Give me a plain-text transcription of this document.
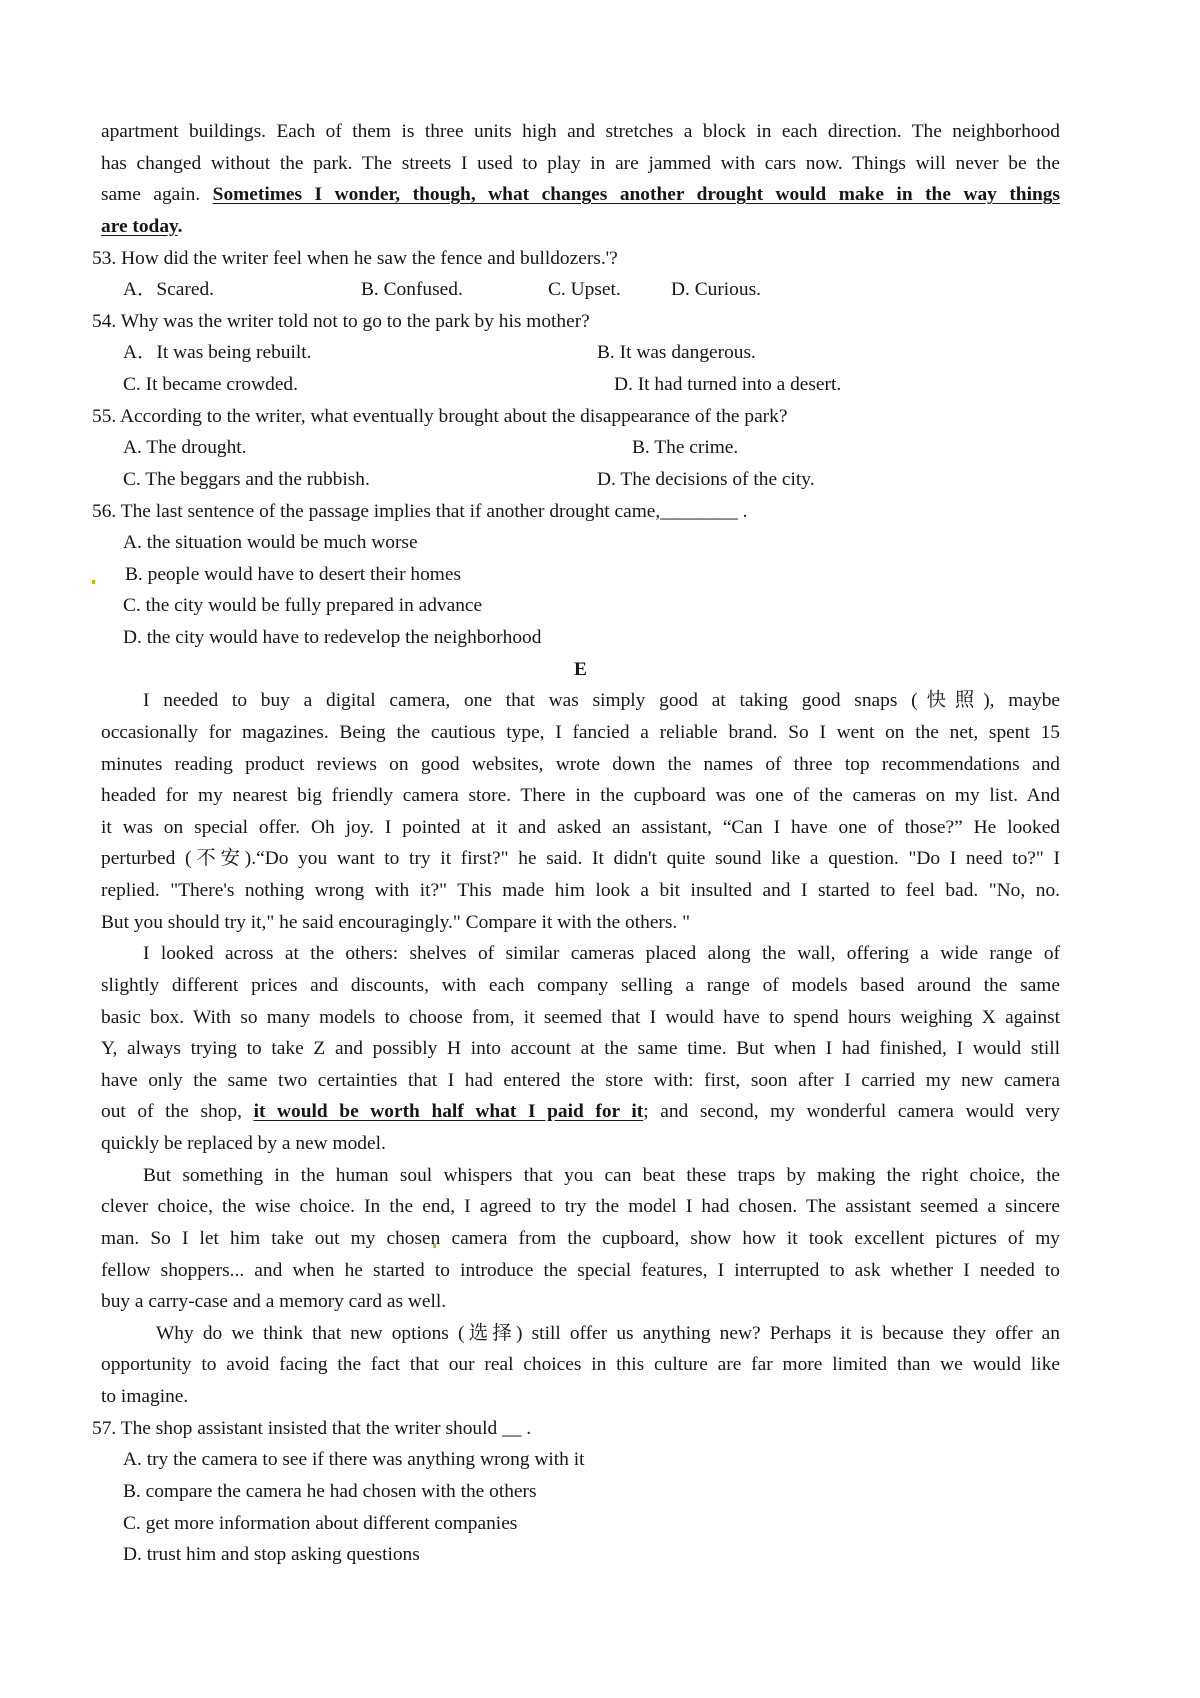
apartment buildings. Each of them is three units high and stretches a block in each direction. The neighborhood
has changed without the park. The streets I used to play in are jammed with cars now. Things will never be the
same again. Sometimes I wonder, though, what changes another drought would make in the way things
are today.
53. How did the writer feel when he saw the fence and bulldozers.'?
A．Scared.	B. Confused.	C. Upset.	D. Curious.
54. Why was the writer told not to go to the park by his mother?
A．It was being rebuilt.	B. It was dangerous.
C. It became crowded.	D. It had turned into a desert.
55. According to the writer, what eventually brought about the disappearance of the park?
A. The drought.	B. The crime.
C. The beggars and the rubbish.	D. The decisions of the city.
56. The last sentence of the passage implies that if another drought came,________ .
A. the situation would be much worse
B. people would have to desert their homes
C. the city would be fully prepared in advance
D. the city would have to redevelop the neighborhood
E
I needed to buy a digital camera, one that was simply good at taking good snaps (快照), maybe
occasionally for magazines. Being the cautious type, I fancied a reliable brand. So I went on the net, spent 15
minutes reading product reviews on good websites, wrote down the names of three top recommendations and
headed for my nearest big friendly camera store. There in the cupboard was one of the cameras on my list. And
it was on special offer. Oh joy. I pointed at it and asked an assistant, “Can I have one of those?” He looked
perturbed (不安).“Do you want to try it first?" he said. It didn't quite sound like a question. "Do I need to?" I
replied. "There's nothing wrong with it?" This made him look a bit insulted and I started to feel bad. "No, no.
But you should try it," he said encouragingly." Compare it with the others. "
I looked across at the others: shelves of similar cameras placed along the wall, offering a wide range of
slightly different prices and discounts, with each company selling a range of models based around the same
basic box. With so many models to choose from, it seemed that I would have to spend hours weighing X against
Y, always trying to take Z and possibly H into account at the same time. But when I had finished, I would still
have only the same two certainties that I had entered the store with: first, soon after I carried my new camera
out of the shop, it would be worth half what I paid for it; and second, my wonderful camera would very
quickly be replaced by a new model.
But something in the human soul whispers that you can beat these traps by making the right choice, the
clever choice, the wise choice. In the end, I agreed to try the model I had chosen. The assistant seemed a sincere
man. So I let him take out my chosen camera from the cupboard, show how it took excellent pictures of my
fellow shoppers... and when he started to introduce the special features, I interrupted to ask whether I needed to
buy a carry-case and a memory card as well.
Why do we think that new options (选择) still offer us anything new? Perhaps it is because they offer an
opportunity to avoid facing the fact that our real choices in this culture are far more limited than we would like
to imagine.
57. The shop assistant insisted that the writer should __ .
A. try the camera to see if there was anything wrong with it
B. compare the camera he had chosen with the others
C. get more information about different companies
D. trust him and stop asking questions
